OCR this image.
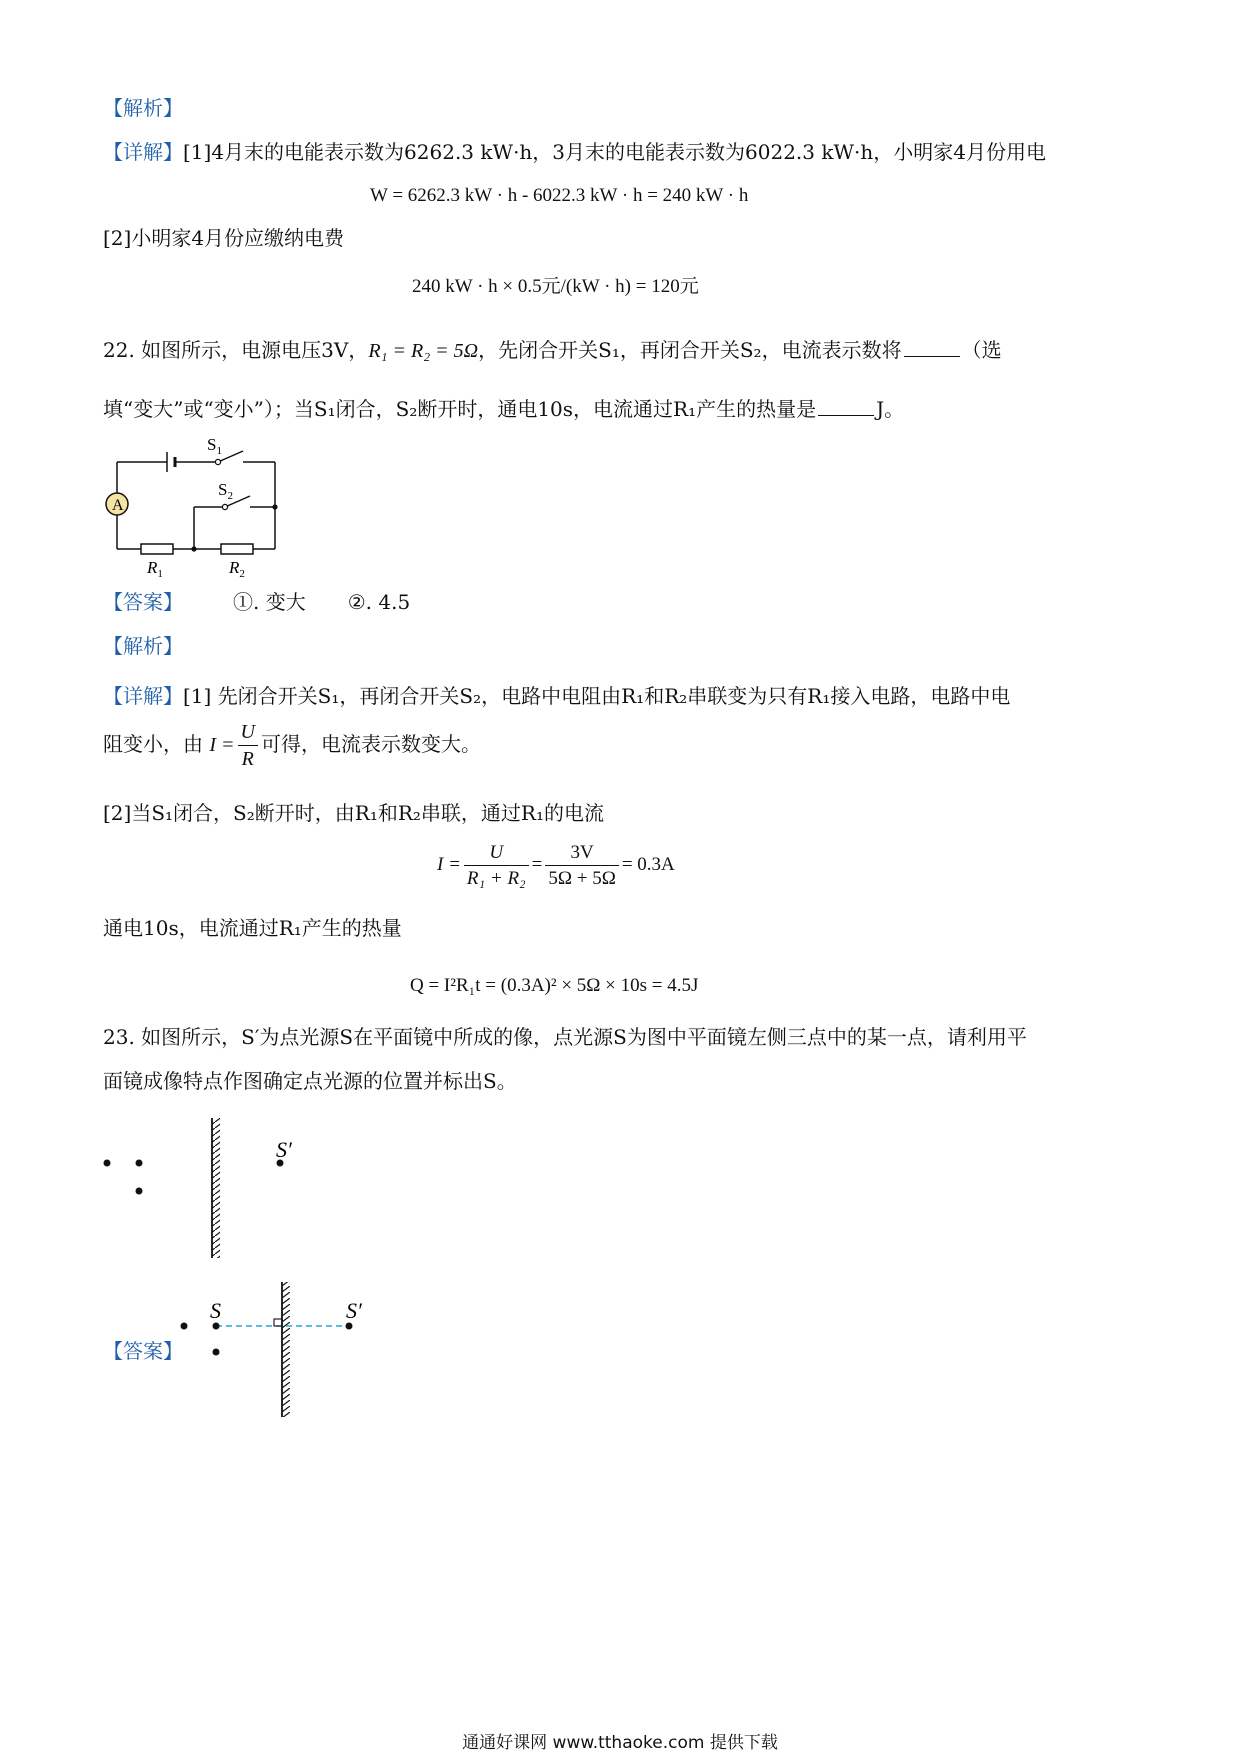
【解析】
【详解】[1]4月末的电能表示数为6262.3 kW·h，3月末的电能表示数为6022.3 kW·h，小明家4月份用电
W = 6262.3 kW · h - 6022.3 kW · h = 240 kW · h
[2]小明家4月份应缴纳电费
240 kW · h × 0.5元/(kW · h) = 120元
22. 如图所示，电源电压3V，R₁ = R₂ = 5Ω，先闭合开关S₁，再闭合开关S₂，电流表示数将	（选
填“变大”或“变小”）；当S₁闭合，S₂断开时，通电10s，电流通过R₁产生的热量是	J。
A
$S_1$
$S_2$
$R_1$	$R_2$
【答案】	①. 变大 ②. 4.5
【解析】
【详解】[1] 先闭合开关S₁，再闭合开关S₂，电路中电阻由R₁和R₂串联变为只有R₁接入电路，电路中电
阻变小，由 $I = \frac{U}{R}$ 可得，电流表示数变大。
[2]当S₁闭合，S₂断开时，由R₁和R₂串联，通过R₁的电流
$I = \frac{U}{\text{R₁ + R₂}} = \frac{3V}{5\Omega + 5\Omega} = 0.3A$
通电10s，电流通过R₁产生的热量
Q = I²R₁t = (0.3A)² × 5Ω × 10s = 4.5J
23. 如图所示，S′为点光源S在平面镜中所成的像，点光源S为图中平面镜左侧三点中的某一点，请利用平
面镜成像特点作图确定点光源的位置并标出S。
S′
【答案】
S	S′
通通好课网 www.tthaoke.com 提供下载
